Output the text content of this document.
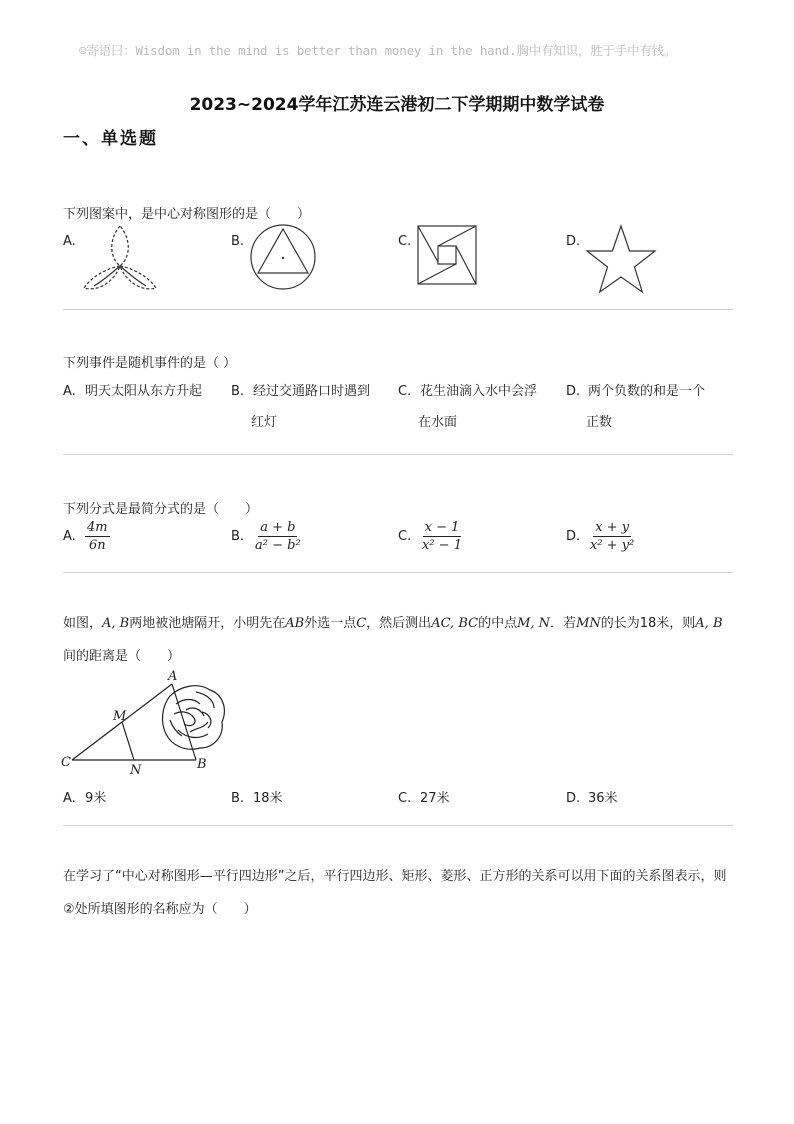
☺寄语曰：Wisdom in the mind is better than money in the hand.胸中有知识，胜于手中有钱。
2023~2024学年江苏连云港初二下学期期中数学试卷
一、单选题
下列图案中，是中心对称图形的是（　　）
A.	B.	C.	D.
下列事件是随机事件的是（ ）
A. 明天太阳从东方升起	B. 经过交通路口时遇到
红灯
C. 花生油滴入水中会浮
在水面
D. 两个负数的和是一个
正数
下列分式是最简分式的是（　　）
A. $\frac{4m}{6n}$	B. $\frac{a + b}{\text{a² − b²}}$	C. $\frac{x - 1}{\text{x² − 1}}$	D. $\frac{x + y}{\text{x² + y²}}$
如图，A, B两地被池塘隔开，小明先在AB外选一点C，然后测出AC, BC的中点M, N．若MN的长为18米，则A, B间的距离是（　　）
A
M
C
N	B
A. 9米	B. 18米	C. 27米	D. 36米
在学习了“中心对称图形—平行四边形”之后，平行四边形、矩形、菱形、正方形的关系可以用下面的关系图表示，则②处所填图形的名称应为（　　）
